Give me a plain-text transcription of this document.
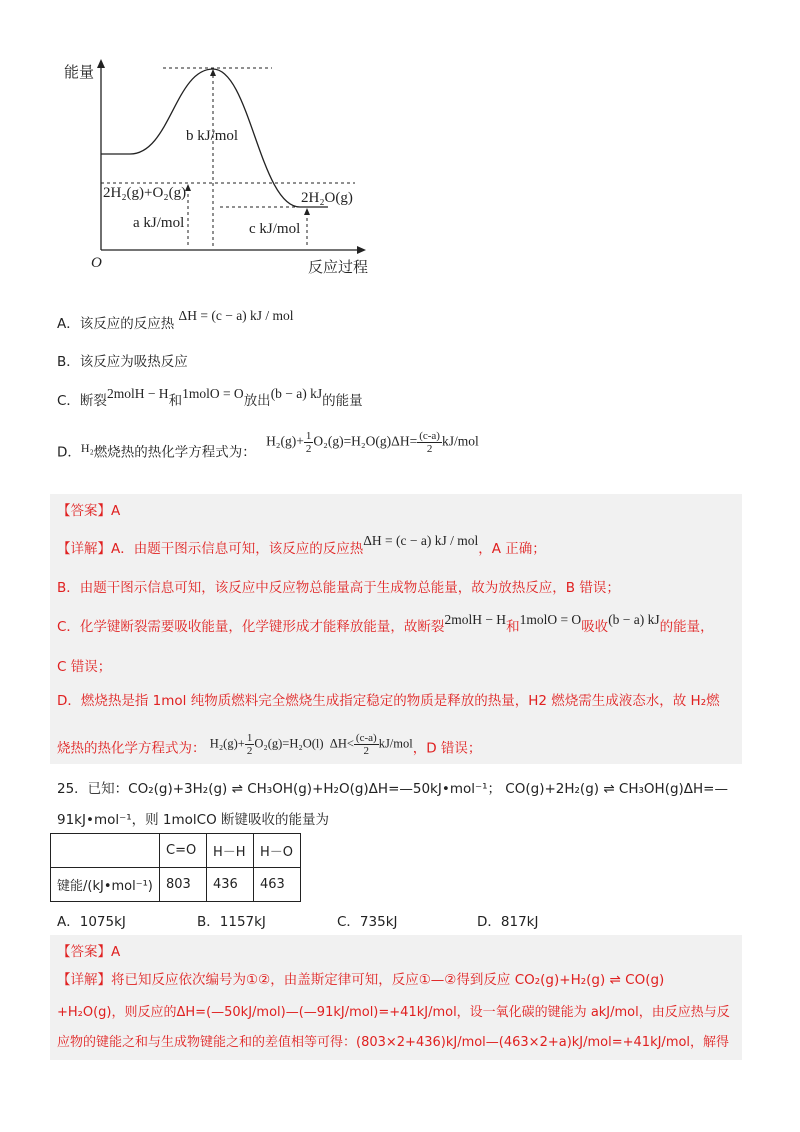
能量
O	反应过程
b kJ/mol
2H₂(g)+O₂(g)
a kJ/mol
2H₂O(g)
c kJ/mol
A．该反应的反应热 ΔH = (c − a) kJ / mol
B．该反应为吸热反应
C．断裂2molH − H和1molO = O放出(b − a) kJ的能量
D．H₂燃烧热的热化学方程式为： $H_2(g)+ \frac{1}{2} O_2(g)=H_2O(g)\Delta H= \frac{(c-a)}{2} kJ/mol$
【答案】A
【详解】A．由题干图示信息可知，该反应的反应热ΔH = (c − a) kJ / mol，A 正确；
B．由题干图示信息可知，该反应中反应物总能量高于生成物总能量，故为放热反应，B 错误；
C．化学键断裂需要吸收能量，化学键形成才能释放能量，故断裂2molH − H和1molO = O吸收(b − a) kJ的能量，
C 错误；
D．燃烧热是指 1mol 纯物质燃料完全燃烧生成指定稳定的物质是释放的热量，H2 燃烧需生成液态水，故 H₂燃
烧热的热化学方程式为： $H_2(g)+ \frac{1}{2} O_2(g)=H_2O(l)$ $\Delta H< \frac{(c-a)}{2} kJ/mol$，D 错误；
25．已知：CO₂(g)+3H₂(g) ⇌ CH₃OH(g)+H₂O(g)ΔH=—50kJ•mol⁻¹； CO(g)+2H₂(g) ⇌ CH₃OH(g)ΔH=—
91kJ•mol⁻¹，则 1molCO 断键吸收的能量为
	C=O	H－H	H－O
键能/(kJ•mol⁻¹)	803	436	463
A．1075kJ	B．1157kJ	C．735kJ	D．817kJ
【答案】A
【详解】将已知反应依次编号为①②，由盖斯定律可知，反应①—②得到反应 CO₂(g)+H₂(g) ⇌ CO(g)
+H₂O(g)，则反应的ΔH=(—50kJ/mol)—(—91kJ/mol)=+41kJ/mol，设一氧化碳的键能为 akJ/mol，由反应热与反
应物的键能之和与生成物键能之和的差值相等可得：(803×2+436)kJ/mol—(463×2+a)kJ/mol=+41kJ/mol，解得
